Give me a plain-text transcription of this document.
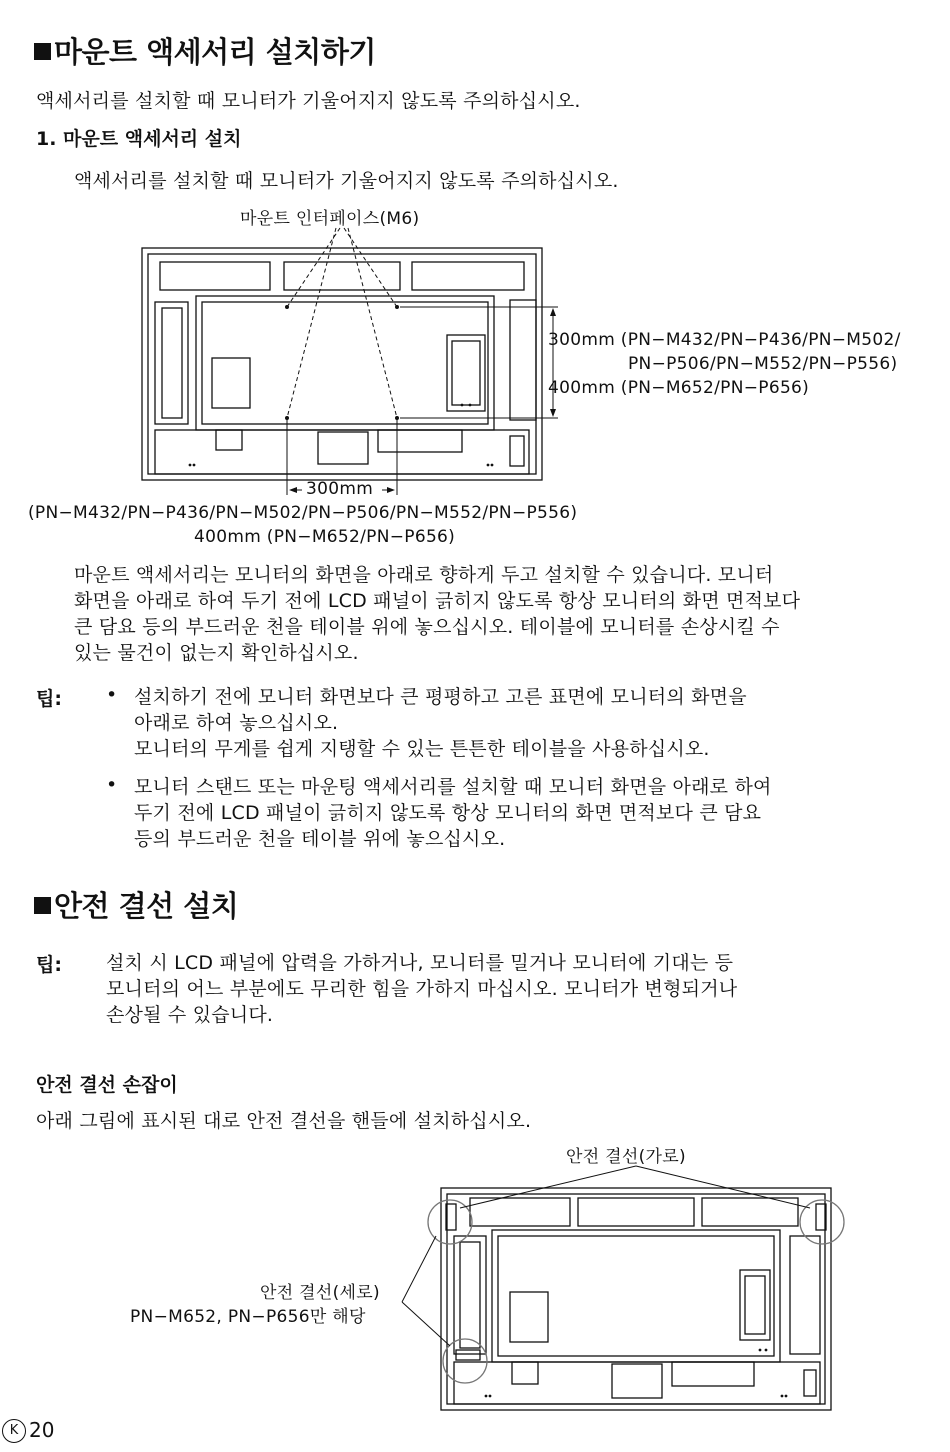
마운트 액세서리 설치하기
액세서리를 설치할 때 모니터가 기울어지지 않도록 주의하십시오.
1. 마운트 액세서리 설치
액세서리를 설치할 때 모니터가 기울어지지 않도록 주의하십시오.
마운트 인터페이스(M6)
300mm (PN−M432/PN−P436/PN−M502/
PN−P506/PN−M552/PN−P556)
400mm (PN−M652/PN−P656)
300mm
(PN−M432/PN−P436/PN−M502/PN−P506/PN−M552/PN−P556)
400mm (PN−M652/PN−P656)
마운트 액세서리는 모니터의 화면을 아래로 향하게 두고 설치할 수 있습니다. 모니터
화면을 아래로 하여 두기 전에 LCD 패널이 긁히지 않도록 항상 모니터의 화면 면적보다
큰 담요 등의 부드러운 천을 테이블 위에 놓으십시오. 테이블에 모니터를 손상시킬 수
있는 물건이 없는지 확인하십시오.
팁: • 설치하기 전에 모니터 화면보다 큰 평평하고 고른 표면에 모니터의 화면을
아래로 하여 놓으십시오.
모니터의 무게를 쉽게 지탱할 수 있는 튼튼한 테이블을 사용하십시오.
• 모니터 스탠드 또는 마운팅 액세서리를 설치할 때 모니터 화면을 아래로 하여
두기 전에 LCD 패널이 긁히지 않도록 항상 모니터의 화면 면적보다 큰 담요
등의 부드러운 천을 테이블 위에 놓으십시오.
안전 결선 설치
팁: 설치 시 LCD 패널에 압력을 가하거나, 모니터를 밀거나 모니터에 기대는 등
모니터의 어느 부분에도 무리한 힘을 가하지 마십시오. 모니터가 변형되거나
손상될 수 있습니다.
안전 결선 손잡이
아래 그림에 표시된 대로 안전 결선을 핸들에 설치하십시오.
안전 결선(가로)
안전 결선(세로)
PN−M652, PN−P656만 해당
K 20
